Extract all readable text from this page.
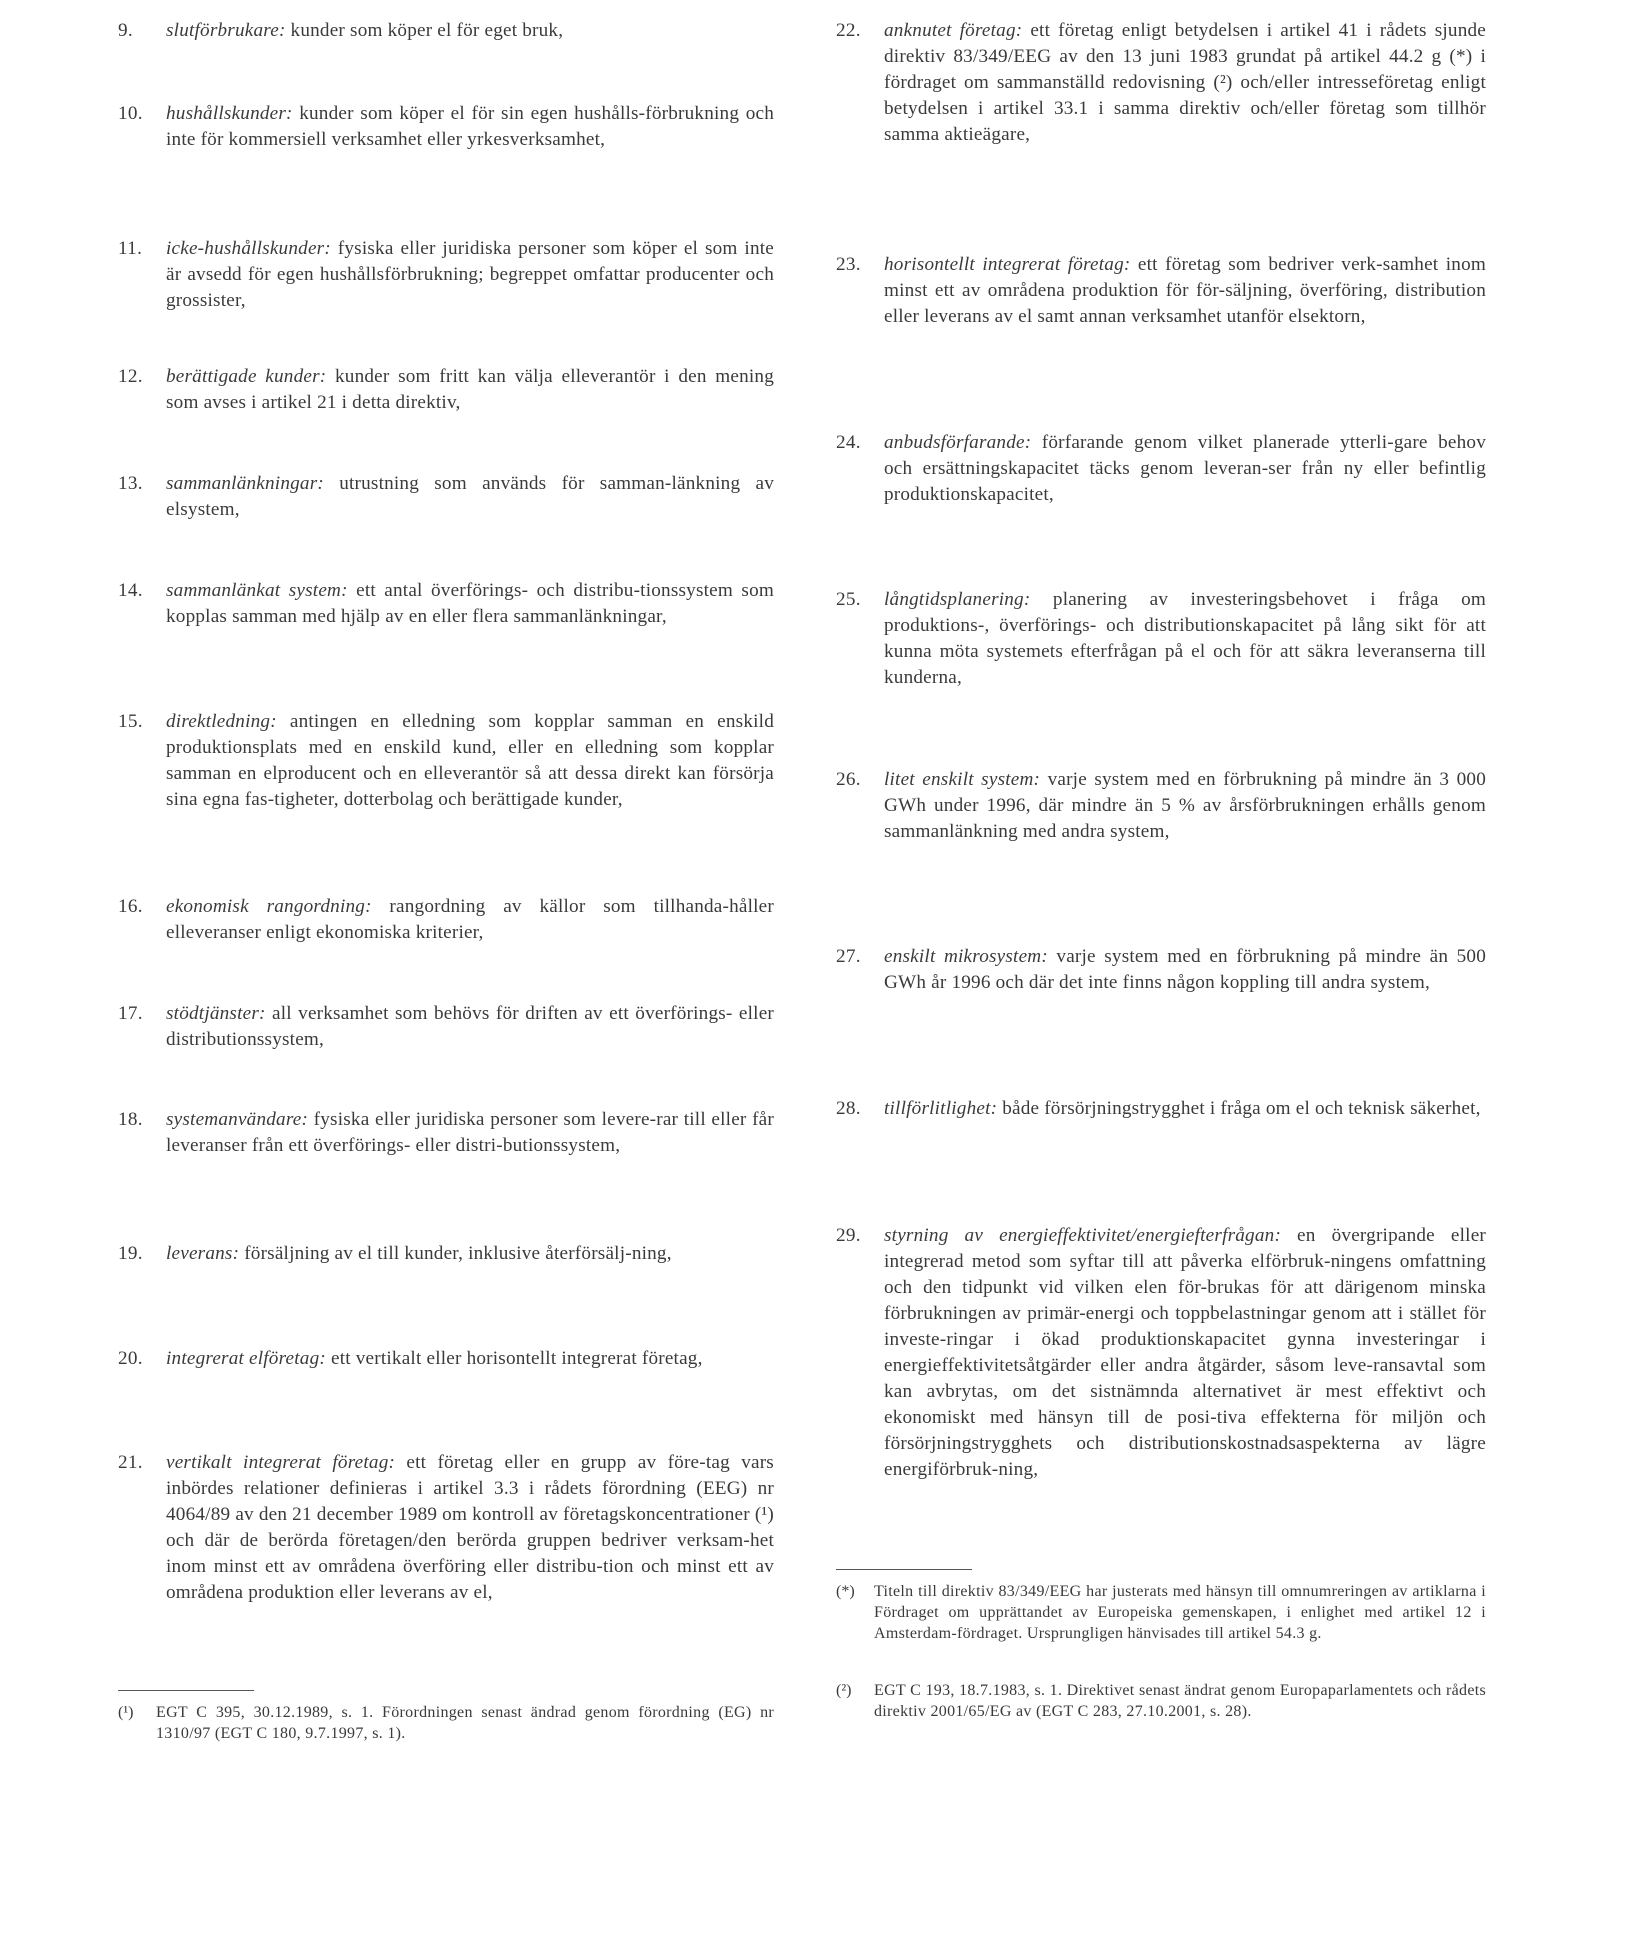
9.	slutförbrukare: kunder som köper el för eget bruk,
10.	hushållskunder: kunder som köper el för sin egen hushålls-förbrukning och inte för kommersiell verksamhet eller yrkesverksamhet,
11.	icke-hushållskunder: fysiska eller juridiska personer som köper el som inte är avsedd för egen hushållsförbrukning; begreppet omfattar producenter och grossister,
12.	berättigade kunder: kunder som fritt kan välja elleverantör i den mening som avses i artikel 21 i detta direktiv,
13.	sammanlänkningar: utrustning som används för samman-länkning av elsystem,
14.	sammanlänkat system: ett antal överförings- och distribu-tionssystem som kopplas samman med hjälp av en eller flera sammanlänkningar,
15.	direktledning: antingen en elledning som kopplar samman en enskild produktionsplats med en enskild kund, eller en elledning som kopplar samman en elproducent och en elleverantör så att dessa direkt kan försörja sina egna fas-tigheter, dotterbolag och berättigade kunder,
16.	ekonomisk rangordning: rangordning av källor som tillhanda-håller elleveranser enligt ekonomiska kriterier,
17.	stödtjänster: all verksamhet som behövs för driften av ett överförings- eller distributionssystem,
18.	systemanvändare: fysiska eller juridiska personer som levere-rar till eller får leveranser från ett överförings- eller distri-butionssystem,
19.	leverans: försäljning av el till kunder, inklusive återförsälj-ning,
20.	integrerat elföretag: ett vertikalt eller horisontellt integrerat företag,
21.	vertikalt integrerat företag: ett företag eller en grupp av före-tag vars inbördes relationer definieras i artikel 3.3 i rådets förordning (EEG) nr 4064/89 av den 21 december 1989 om kontroll av företagskoncentrationer (¹) och där de berörda företagen/den berörda gruppen bedriver verksam-het inom minst ett av områdena överföring eller distribu-tion och minst ett av områdena produktion eller leverans av el,
(¹)	EGT C 395, 30.12.1989, s. 1. Förordningen senast ändrad genom förordning (EG) nr 1310/97 (EGT C 180, 9.7.1997, s. 1).
22.	anknutet företag: ett företag enligt betydelsen i artikel 41 i rådets sjunde direktiv 83/349/EEG av den 13 juni 1983 grundat på artikel 44.2 g (*) i fördraget om sammanställd redovisning (²) och/eller intresseföretag enligt betydelsen i artikel 33.1 i samma direktiv och/eller företag som tillhör samma aktieägare,
23.	horisontellt integrerat företag: ett företag som bedriver verk-samhet inom minst ett av områdena produktion för för-säljning, överföring, distribution eller leverans av el samt annan verksamhet utanför elsektorn,
24.	anbudsförfarande: förfarande genom vilket planerade ytterli-gare behov och ersättningskapacitet täcks genom leveran-ser från ny eller befintlig produktionskapacitet,
25.	långtidsplanering: planering av investeringsbehovet i fråga om produktions-, överförings- och distributionskapacitet på lång sikt för att kunna möta systemets efterfrågan på el och för att säkra leveranserna till kunderna,
26.	litet enskilt system: varje system med en förbrukning på mindre än 3 000 GWh under 1996, där mindre än 5 % av årsförbrukningen erhålls genom sammanlänkning med andra system,
27.	enskilt mikrosystem: varje system med en förbrukning på mindre än 500 GWh år 1996 och där det inte finns någon koppling till andra system,
28.	tillförlitlighet: både försörjningstrygghet i fråga om el och teknisk säkerhet,
29.	styrning av energieffektivitet/energiefterfrågan: en övergripande eller integrerad metod som syftar till att påverka elförbruk-ningens omfattning och den tidpunkt vid vilken elen för-brukas för att därigenom minska förbrukningen av primär-energi och toppbelastningar genom att i stället för investe-ringar i ökad produktionskapacitet gynna investeringar i energieffektivitetsåtgärder eller andra åtgärder, såsom leve-ransavtal som kan avbrytas, om det sistnämnda alternativet är mest effektivt och ekonomiskt med hänsyn till de posi-tiva effekterna för miljön och försörjningstrygghets och distributionskostnadsaspekterna av lägre energiförbruk-ning,
(*)	Titeln till direktiv 83/349/EEG har justerats med hänsyn till omnumreringen av artiklarna i Fördraget om upprättandet av Europeiska gemenskapen, i enlighet med artikel 12 i Amsterdam-fördraget. Ursprungligen hänvisades till artikel 54.3 g.
(²)	EGT C 193, 18.7.1983, s. 1. Direktivet senast ändrat genom Europaparlamentets och rådets direktiv 2001/65/EG av (EGT C 283, 27.10.2001, s. 28).
